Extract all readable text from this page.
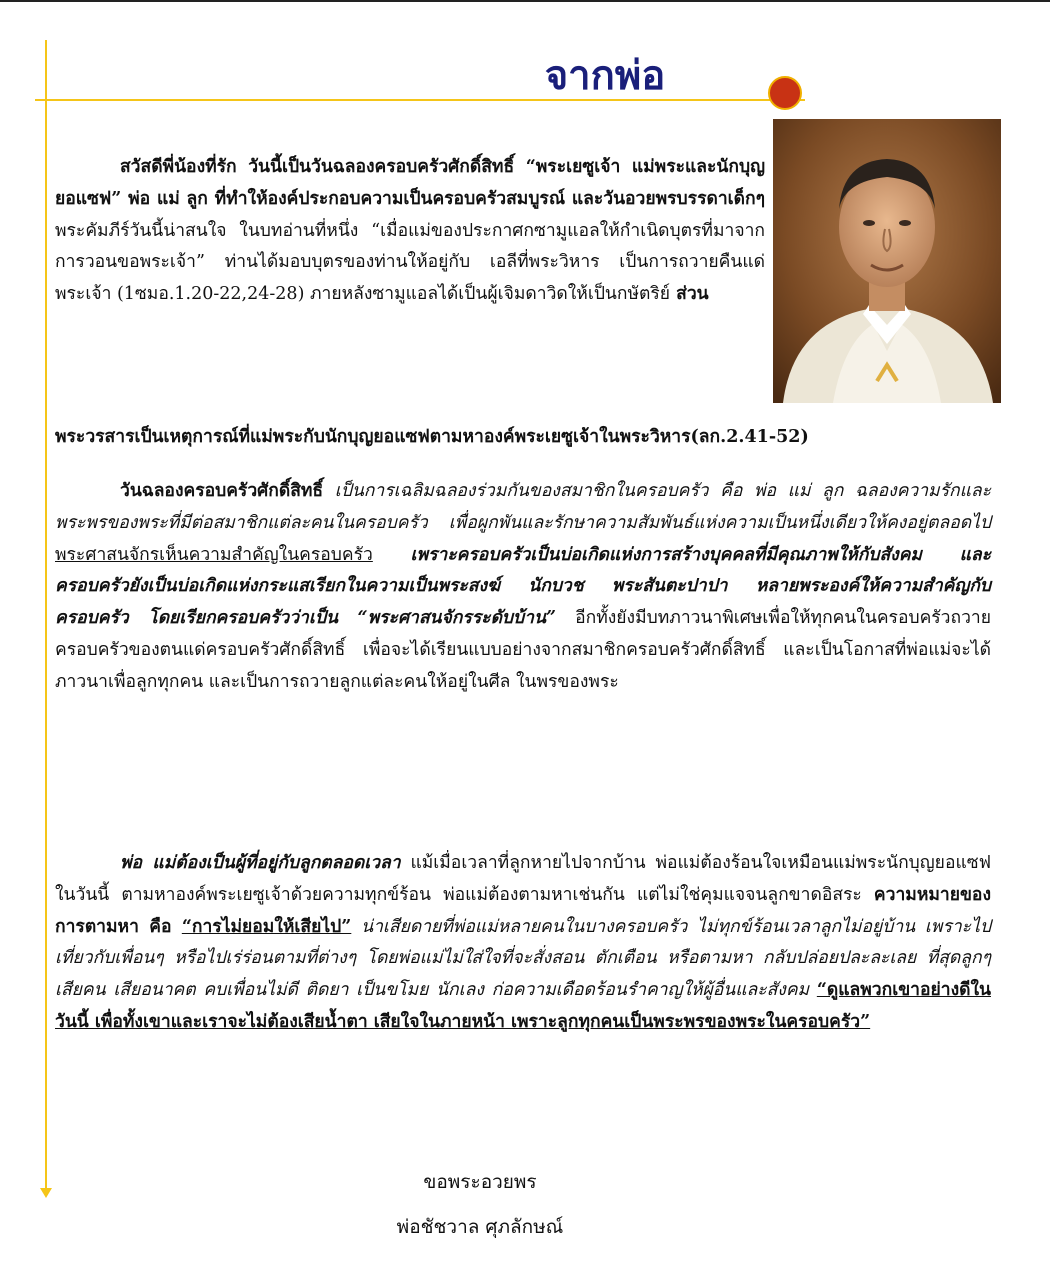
จากพ่อ
สวัสดีพี่น้องที่รัก วันนี้เป็นวันฉลองครอบครัวศักดิ์สิทธิ์ “พระเยซูเจ้า แม่พระและนักบุญยอแซฟ” พ่อ แม่ ลูก ที่ทำให้องค์ประกอบความเป็นครอบครัวสมบูรณ์ และวันอวยพรบรรดาเด็กๆ พระคัมภีร์วันนี้น่าสนใจ ในบทอ่านที่หนึ่ง “เมื่อแม่ของประกาศกซามูแอลให้กำเนิดบุตรที่มาจากการวอนขอพระเจ้า” ท่านได้มอบบุตรของท่านให้อยู่กับ เอลีที่พระวิหาร เป็นการถวายคืนแด่พระเจ้า (1ซมอ.1.20-22,24-28) ภายหลังซามูแอลได้เป็นผู้เจิมดาวิดให้เป็นกษัตริย์ ส่วน
พระวรสารเป็นเหตุการณ์ที่แม่พระกับนักบุญยอแซฟตามหาองค์พระเยซูเจ้าในพระวิหาร(ลก.2.41-52)
วันฉลองครอบครัวศักดิ์สิทธิ์ เป็นการเฉลิมฉลองร่วมกันของสมาชิกในครอบครัว คือ พ่อ แม่ ลูก ฉลองความรักและพระพรของพระที่มีต่อสมาชิกแต่ละคนในครอบครัว เพื่อผูกพันและรักษาความสัมพันธ์แห่งความเป็นหนึ่งเดียวให้คงอยู่ตลอดไป พระศาสนจักรเห็นความสำคัญในครอบครัว เพราะครอบครัวเป็นบ่อเกิดแห่งการสร้างบุคคลที่มีคุณภาพให้กับสังคม และครอบครัวยังเป็นบ่อเกิดแห่งกระแสเรียกในความเป็นพระสงฆ์ นักบวช พระสันตะปาปา หลายพระองค์ให้ความสำคัญกับครอบครัว โดยเรียกครอบครัวว่าเป็น “พระศาสนจักรระดับบ้าน” อีกทั้งยังมีบทภาวนาพิเศษเพื่อให้ทุกคนในครอบครัวถวายครอบครัวของตนแด่ครอบครัวศักดิ์สิทธิ์ เพื่อจะได้เรียนแบบอย่างจากสมาชิกครอบครัวศักดิ์สิทธิ์ และเป็นโอกาสที่พ่อแม่จะได้ภาวนาเพื่อลูกทุกคน และเป็นการถวายลูกแต่ละคนให้อยู่ในศีล ในพรของพระ
พ่อ แม่ต้องเป็นผู้ที่อยู่กับลูกตลอดเวลา แม้เมื่อเวลาที่ลูกหายไปจากบ้าน พ่อแม่ต้องร้อนใจเหมือนแม่พระนักบุญยอแซฟในวันนี้ ตามหาองค์พระเยซูเจ้าด้วยความทุกข์ร้อน พ่อแม่ต้องตามหาเช่นกัน แต่ไม่ใช่คุมแจจนลูกขาดอิสระ ความหมายของการตามหา คือ “การไม่ยอมให้เสียไป” น่าเสียดายที่พ่อแม่หลายคนในบางครอบครัว ไม่ทุกข์ร้อนเวลาลูกไม่อยู่บ้าน เพราะไปเที่ยวกับเพื่อนๆ หรือไปเร่ร่อนตามที่ต่างๆ โดยพ่อแม่ไม่ใส่ใจที่จะสั่งสอน ตักเตือน หรือตามหา กลับปล่อยปละละเลย ที่สุดลูกๆ เสียคน เสียอนาคต คบเพื่อนไม่ดี ติดยา เป็นขโมย นักเลง ก่อความเดือดร้อนรำคาญให้ผู้อื่นและสังคม “ดูแลพวกเขาอย่างดีในวันนี้ เพื่อทั้งเขาและเราจะไม่ต้องเสียน้ำตา เสียใจในภายหน้า เพราะลูกทุกคนเป็นพระพรของพระในครอบครัว”
ขอพระอวยพร
พ่อชัชวาล ศุภลักษณ์
